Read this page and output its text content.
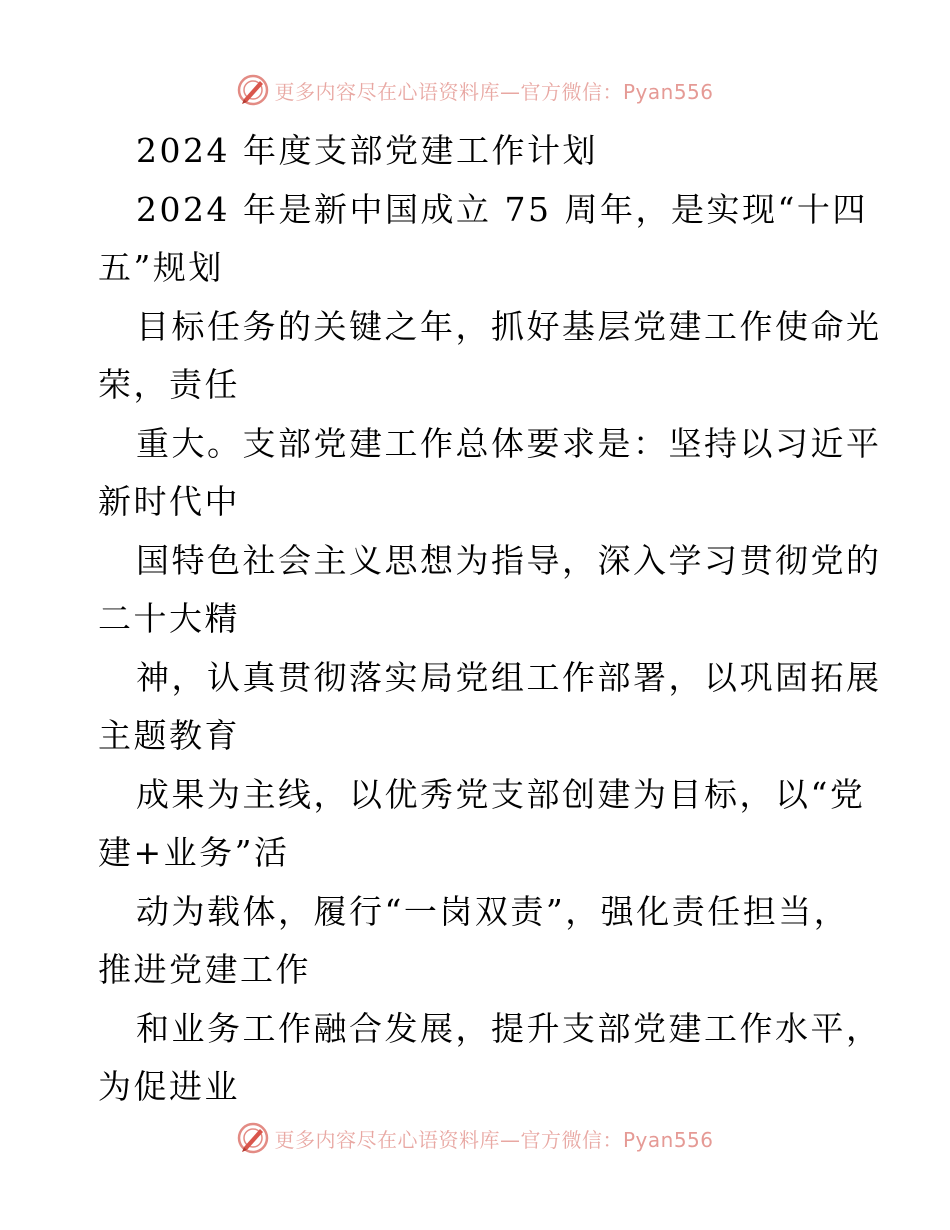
更多内容尽在心语资料库—官方微信：Pyan556
2024 年度支部党建工作计划
2024 年是新中国成立 75 周年，是实现“十四
五”规划
目标任务的关键之年，抓好基层党建工作使命光
荣，责任
重大。支部党建工作总体要求是：坚持以习近平
新时代中
国特色社会主义思想为指导，深入学习贯彻党的
二十大精
神，认真贯彻落实局党组工作部署，以巩固拓展
主题教育
成果为主线，以优秀党支部创建为目标，以“党
建+业务”活
动为载体，履行“一岗双责”，强化责任担当，
推进党建工作
和业务工作融合发展，提升支部党建工作水平，
为促进业
更多内容尽在心语资料库—官方微信：Pyan556
